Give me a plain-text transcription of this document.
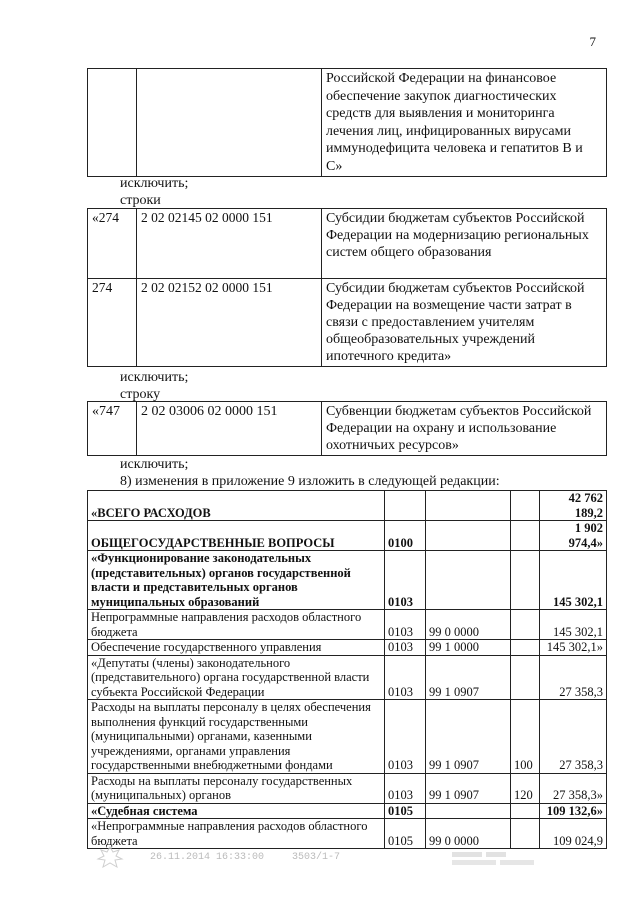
7
		Российской Федерации на финансовое обеспечение закупок диагностических средств для выявления и мониторинга лечения лиц, инфицированных вирусами иммунодефицита человека и гепатитов В и С»
исключить;
строки
«274	2 02 02145 02 0000 151	Субсидии бюджетам субъектов Российской Федерации на модернизацию региональных систем общего образования
274	2 02 02152 02 0000 151	Субсидии бюджетам субъектов Российской Федерации на возмещение части затрат в связи с предоставлением учителям общеобразовательных учреждений ипотечного кредита»
исключить;
строку
«747	2 02 03006 02 0000 151	Субвенции бюджетам субъектов Российской Федерации на охрану и использование охотничьих ресурсов»
исключить;
8) изменения в приложение 9 изложить в следующей редакции:
«ВСЕГО РАСХОДОВ				42 762 189,2
ОБЩЕГОСУДАРСТВЕННЫЕ ВОПРОСЫ	0100			1 902 974,4»
«Функционирование законодательных (представительных) органов государственной власти и представительных органов муниципальных образований	0103			145 302,1
Непрограммные направления расходов областного бюджета	0103	99 0 0000		145 302,1
Обеспечение государственного управления	0103	99 1 0000		145 302,1»
«Депутаты (члены) законодательного (представительного) органа государственной власти субъекта Российской Федерации	0103	99 1 0907		27 358,3
Расходы на выплаты персоналу в целях обеспечения выполнения функций государственными (муниципальными) органами, казенными учреждениями, органами управления государственными внебюджетными фондами	0103	99 1 0907	100	27 358,3
Расходы на выплаты персоналу государственных (муниципальных) органов	0103	99 1 0907	120	27 358,3»
«Судебная система	0105			109 132,6»
«Непрограммные направления расходов областного бюджета	0105	99 0 0000		109 024,9
26.11.2014 16:33:00	3503/1-7
